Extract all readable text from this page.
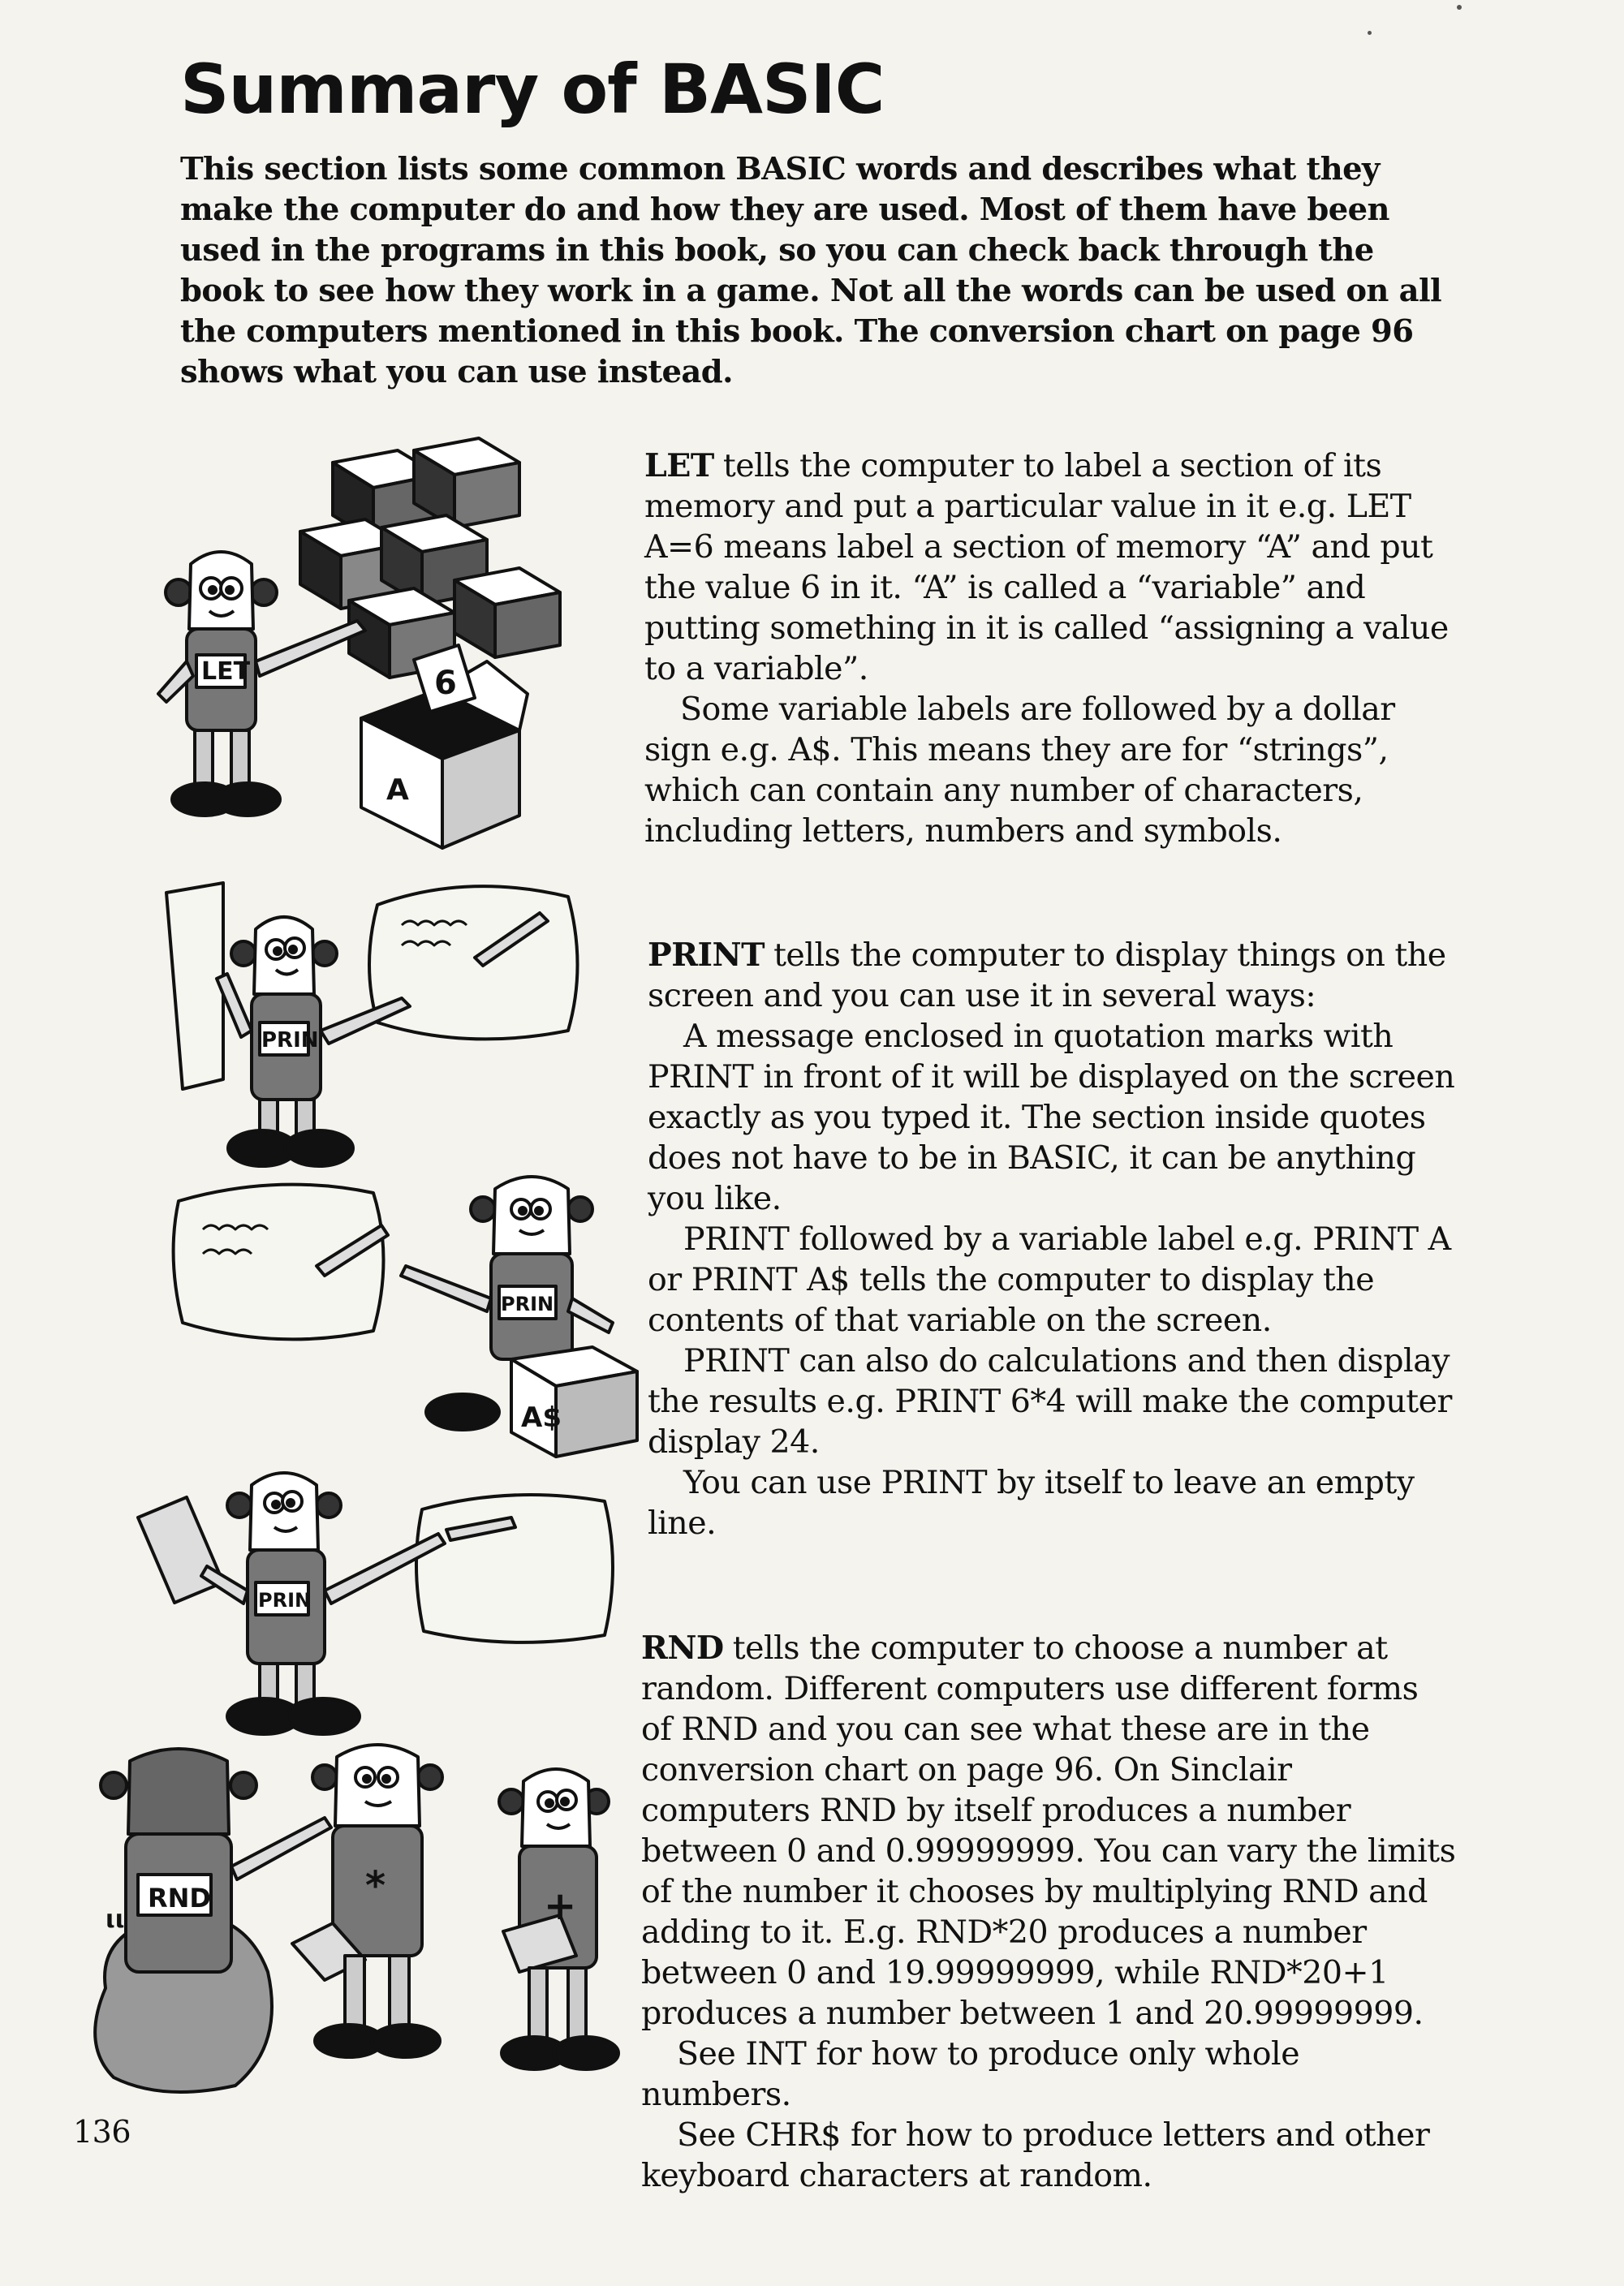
Summary of BASIC

This section lists some common BASIC words and describes what they make the computer do and how they are used. Most of them have been used in the programs in this book, so you can check back through the book to see how they work in a game. Not all the words can be used on all the computers mentioned in this book. The conversion chart on page 96 shows what you can use instead.

LET
A
6
PRIN
PRIN
A$
PRIN
RND	*	+
ιι

LET tells the computer to label a section of its memory and put a particular value in it e.g. LET A=6 means label a section of memory “A” and put the value 6 in it. “A” is called a “variable” and putting something in it is called “assigning a value to a variable”.

Some variable labels are followed by a dollar sign e.g. A$. This means they are for “strings”, which can contain any number of characters, including letters, numbers and symbols.

PRINT tells the computer to display things on the screen and you can use it in several ways:

A message enclosed in quotation marks with PRINT in front of it will be displayed on the screen exactly as you typed it. The section inside quotes does not have to be in BASIC, it can be anything you like.

PRINT followed by a variable label e.g. PRINT A or PRINT A$ tells the computer to display the contents of that variable on the screen.

PRINT can also do calculations and then display the results e.g. PRINT 6*4 will make the computer display 24.

You can use PRINT by itself to leave an empty line.

RND tells the computer to choose a number at random. Different computers use different forms of RND and you can see what these are in the conversion chart on page 96. On Sinclair computers RND by itself produces a number between 0 and 0.99999999. You can vary the limits of the number it chooses by multiplying RND and adding to it. E.g. RND*20 produces a number between 0 and 19.99999999, while RND*20+1 produces a number between 1 and 20.99999999.

See INT for how to produce only whole numbers.

See CHR$ for how to produce letters and other keyboard characters at random.

136
